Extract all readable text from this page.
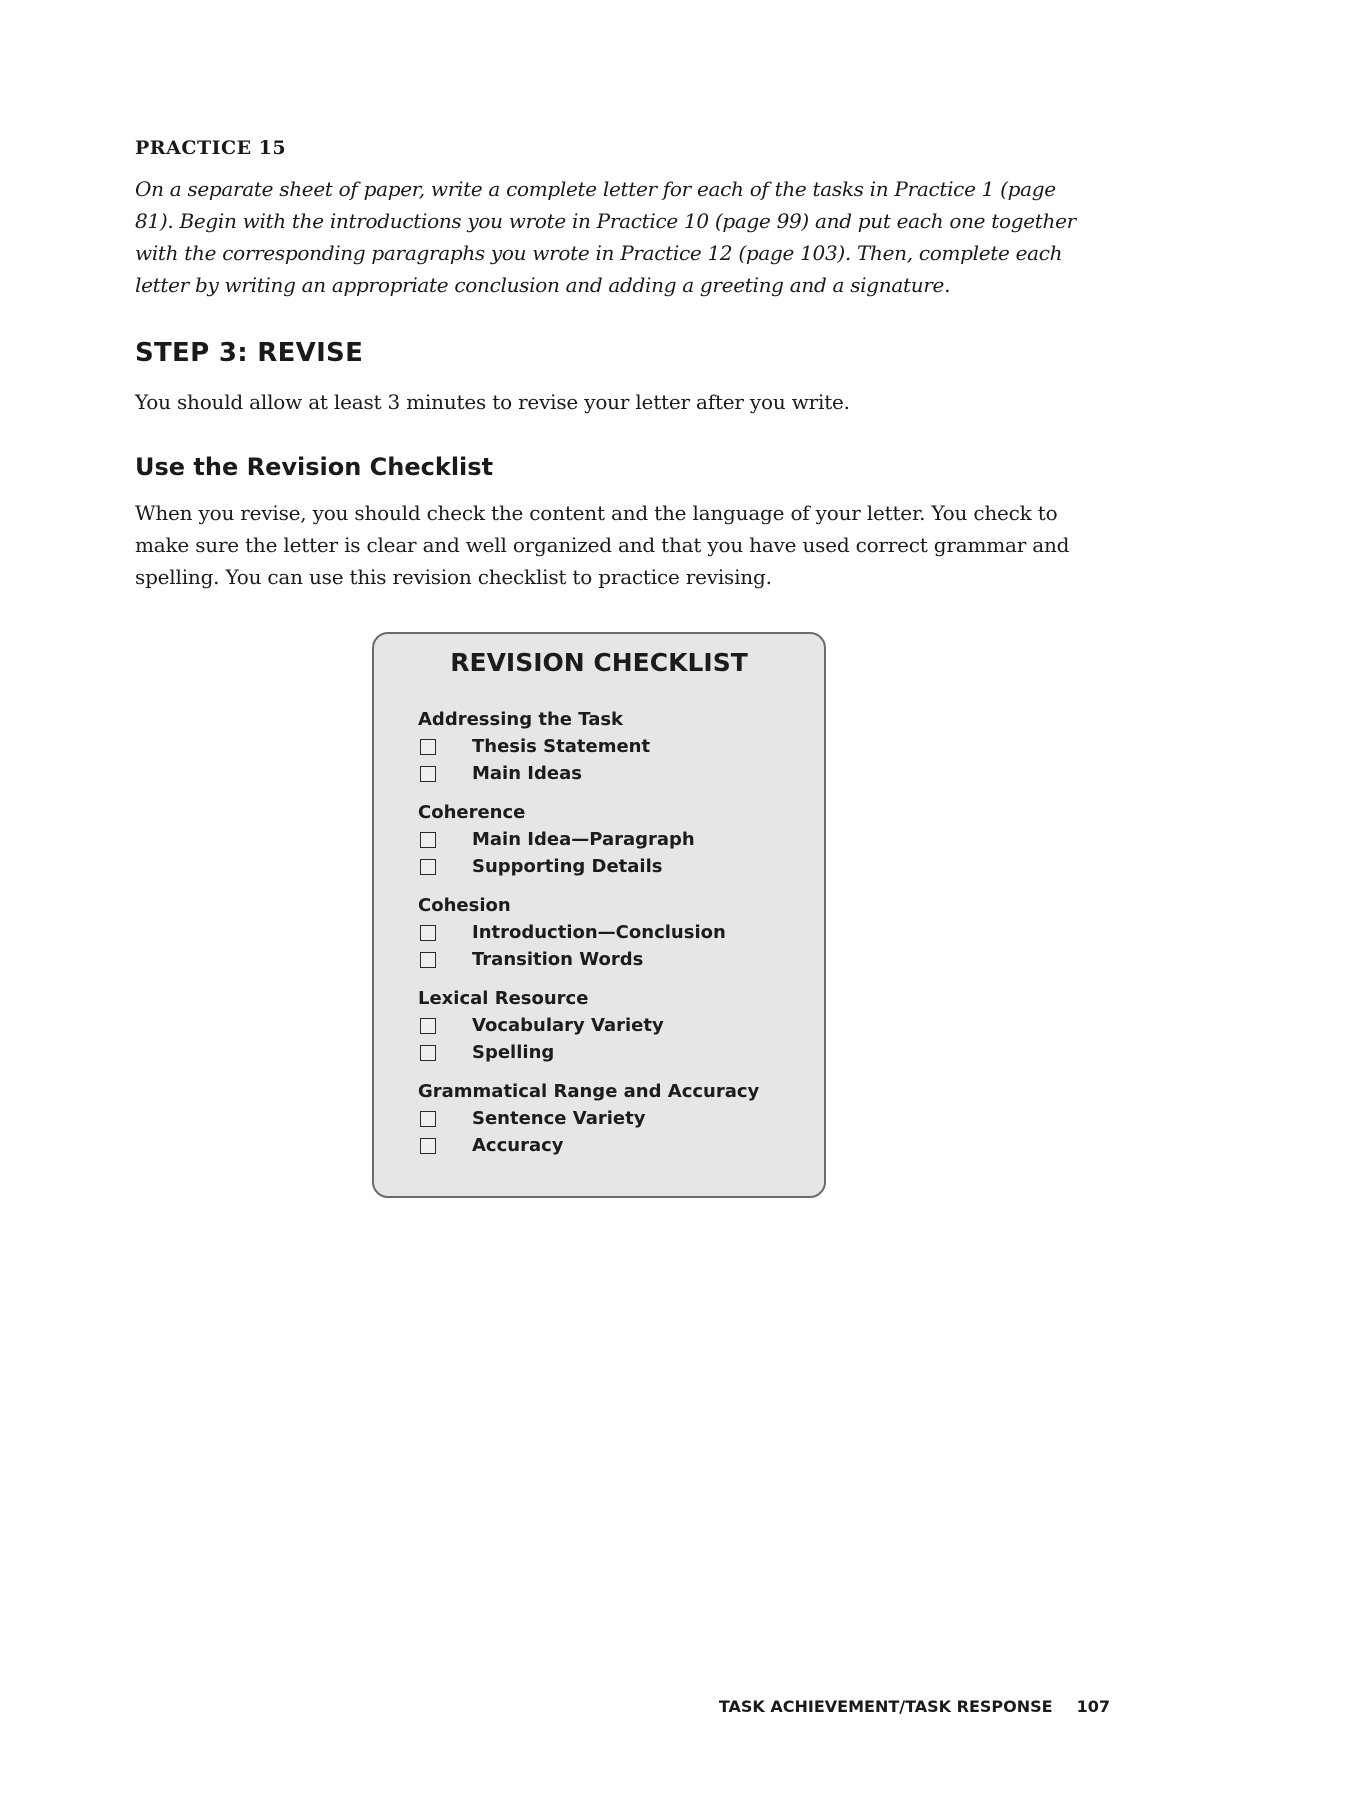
PRACTICE 15
On a separate sheet of paper, write a complete letter for each of the tasks in Practice 1 (page 81). Begin with the introductions you wrote in Practice 10 (page 99) and put each one together with the corresponding paragraphs you wrote in Practice 12 (page 103). Then, complete each letter by writing an appropriate conclusion and adding a greeting and a signature.
STEP 3: REVISE
You should allow at least 3 minutes to revise your letter after you write.
Use the Revision Checklist
When you revise, you should check the content and the language of your letter. You check to make sure the letter is clear and well organized and that you have used correct grammar and spelling. You can use this revision checklist to practice revising.
REVISION CHECKLIST
Addressing the Task
Thesis Statement
Main Ideas
Coherence
Main Idea—Paragraph
Supporting Details
Cohesion
Introduction—Conclusion
Transition Words
Lexical Resource
Vocabulary Variety
Spelling
Grammatical Range and Accuracy
Sentence Variety
Accuracy
TASK ACHIEVEMENT/TASK RESPONSE 107
